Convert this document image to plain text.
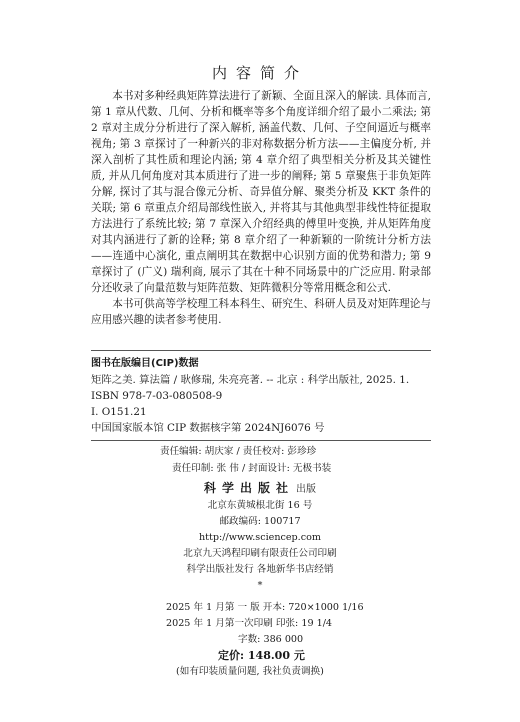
内容简介

本书对多种经典矩阵算法进行了新颖、全面且深入的解读. 具体而言, 第 1 章从代数、几何、分析和概率等多个角度详细介绍了最小二乘法; 第 2 章对主成分分析进行了深入解析, 涵盖代数、几何、子空间逼近与概率视角; 第 3 章探讨了一种新兴的非对称数据分析方法——主偏度分析, 并深入剖析了其性质和理论内涵; 第 4 章介绍了典型相关分析及其关键性质, 并从几何角度对其本质进行了进一步的阐释; 第 5 章聚焦于非负矩阵分解, 探讨了其与混合像元分析、奇异值分解、聚类分析及 KKT 条件的关联; 第 6 章重点介绍局部线性嵌入, 并将其与其他典型非线性特征提取方法进行了系统比较; 第 7 章深入介绍经典的傅里叶变换, 并从矩阵角度对其内涵进行了新的诠释; 第 8 章介绍了一种新颖的一阶统计分析方法——连通中心演化, 重点阐明其在数据中心识别方面的优势和潜力; 第 9 章探讨了 (广义) 瑞利商, 展示了其在十种不同场景中的广泛应用. 附录部分还收录了向量范数与矩阵范数、矩阵微积分等常用概念和公式.

本书可供高等学校理工科本科生、研究生、科研人员及对矩阵理论与应用感兴趣的读者参考使用.

图书在版编目(CIP)数据
矩阵之美. 算法篇 / 耿修瑞, 朱亮亮著. -- 北京 : 科学出版社, 2025. 1.
ISBN 978-7-03-080508-9
Ⅰ. O151.21
中国国家版本馆 CIP 数据核字第 2024NJ6076 号
责任编辑: 胡庆家 / 责任校对: 彭珍珍
责任印制: 张 伟 / 封面设计: 无极书装
科学出版社 出版
北京东黄城根北街 16 号
邮政编码: 100717
http://www.sciencep.com
北京九天鸿程印刷有限责任公司印刷
科学出版社发行 各地新华书店经销
*
2025 年 1 月第 一 版 开本: 720×1000 1/16
2025 年 1 月第一次印刷 印张: 19 1/4
字数: 386 000
定价: 148.00 元
(如有印装质量问题, 我社负责调换)
